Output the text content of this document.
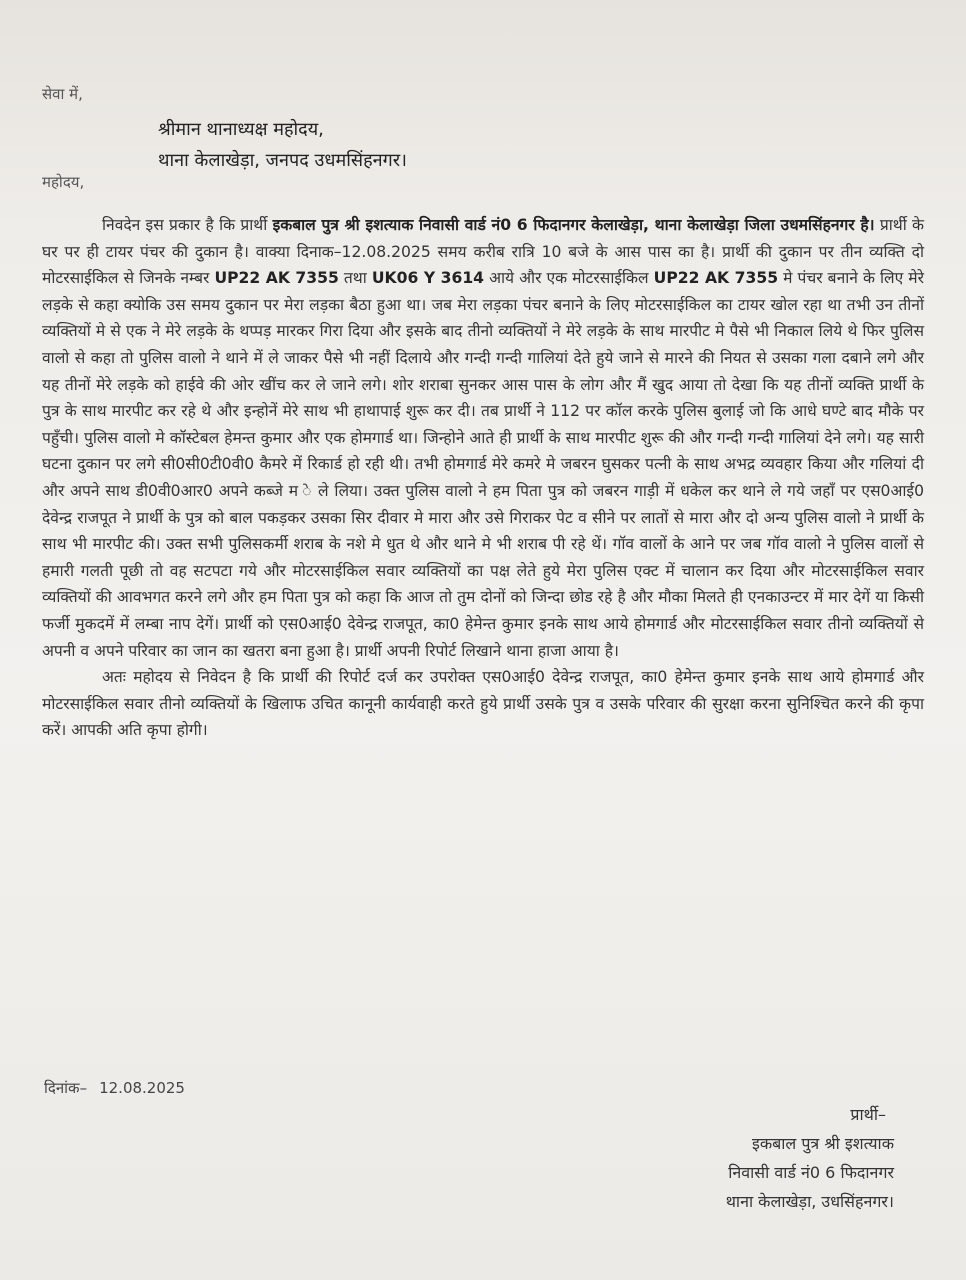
सेवा में,
श्रीमान थानाध्यक्ष महोदय,
थाना केलाखेड़ा, जनपद उधमसिंहनगर।
महोदय,

निवदेन इस प्रकार है कि प्रार्थी इकबाल पुत्र श्री इशत्याक निवासी वार्ड नं0 6 फिदानगर केलाखेड़ा, थाना केलाखेड़ा जिला उधमसिंहनगर है। प्रार्थी के घर पर ही टायर पंचर की दुकान है। वाक्या दिनाक–12.08.2025 समय करीब रात्रि 10 बजे के आस पास का है। प्रार्थी की दुकान पर तीन व्यक्ति दो मोटरसाईकिल से जिनके नम्बर UP22 AK 7355 तथा UK06 Y 3614 आये और एक मोटरसाईकिल UP22 AK 7355 मे पंचर बनाने के लिए मेरे लड़के से कहा क्योकि उस समय दुकान पर मेरा लड़का बैठा हुआ था। जब मेरा लड़का पंचर बनाने के लिए मोटरसाईकिल का टायर खोल रहा था तभी उन तीनों व्यक्तियों मे से एक ने मेरे लड़के के थप्पड़ मारकर गिरा दिया और इसके बाद तीनो व्यक्तियों ने मेरे लड़के के साथ मारपीट मे पैसे भी निकाल लिये थे फिर पुलिस वालो से कहा तो पुलिस वालो ने थाने में ले जाकर पैसे भी नहीं दिलाये और गन्दी गन्दी गालियां देते हुये जाने से मारने की नियत से उसका गला दबाने लगे और यह तीनों मेरे लड़के को हाईवे की ओर खींच कर ले जाने लगे। शोर शराबा सुनकर आस पास के लोग और मैं खुद आया तो देखा कि यह तीनों व्यक्ति प्रार्थी के पुत्र के साथ मारपीट कर रहे थे और इन्होनें मेरे साथ भी हाथापाई शुरू कर दी। तब प्रार्थी ने 112 पर कॉल करके पुलिस बुलाई जो कि आधे घण्टे बाद मौके पर पहुँची। पुलिस वालो मे कॉस्टेबल हेमन्त कुमार और एक होमगार्ड था। जिन्होने आते ही प्रार्थी के साथ मारपीट शुरू की और गन्दी गन्दी गालियां देने लगे। यह सारी घटना दुकान पर लगे सी0सी0टी0वी0 कैमरे में रिकार्ड हो रही थी। तभी होमगार्ड मेरे कमरे मे जबरन घुसकर पत्नी के साथ अभद्र व्यवहार किया और गलियां दी और अपने साथ डी0वी0आर0 अपने कब्जे म े ले लिया। उक्त पुलिस वालो ने हम पिता पुत्र को जबरन गाड़ी में धकेल कर थाने ले गये जहाँ पर एस0आई0 देवेन्द्र राजपूत ने प्रार्थी के पुत्र को बाल पकड़कर उसका सिर दीवार मे मारा और उसे गिराकर पेट व सीने पर लातों से मारा और दो अन्य पुलिस वालो ने प्रार्थी के साथ भी मारपीट की। उक्त सभी पुलिसकर्मी शराब के नशे मे धुत थे और थाने मे भी शराब पी रहे थें। गॉव वालों के आने पर जब गॉव वालो ने पुलिस वालों से हमारी गलती पूछी तो वह सटपटा गये और मोटरसाईकिल सवार व्यक्तियों का पक्ष लेते हुये मेरा पुलिस एक्ट में चालान कर दिया और मोटरसाईकिल सवार व्यक्तियों की आवभगत करने लगे और हम पिता पुत्र को कहा कि आज तो तुम दोनों को जिन्दा छोड रहे है और मौका मिलते ही एनकाउन्टर में मार देगें या किसी फर्जी मुकदमें में लम्बा नाप देगें। प्रार्थी को एस0आई0 देवेन्द्र राजपूत, का0 हेमेन्त कुमार इनके साथ आये होमगार्ड और मोटरसाईकिल सवार तीनो व्यक्तियों से अपनी व अपने परिवार का जान का खतरा बना हुआ है। प्रार्थी अपनी रिपोर्ट लिखाने थाना हाजा आया है।

अतः महोदय से निवेदन है कि प्रार्थी की रिपोर्ट दर्ज कर उपरोक्त एस0आई0 देवेन्द्र राजपूत, का0 हेमेन्त कुमार इनके साथ आये होमगार्ड और मोटरसाईकिल सवार तीनो व्यक्तियों के खिलाफ उचित कानूनी कार्यवाही करते हुये प्रार्थी उसके पुत्र व उसके परिवार की सुरक्षा करना सुनिश्चित करने की कृपा करें। आपकी अति कृपा होगी।

दिनांक– 12.08.2025
प्रार्थी–
इकबाल पुत्र श्री इशत्याक
निवासी वार्ड नं0 6 फिदानगर
थाना केलाखेड़ा, उधसिंहनगर।
